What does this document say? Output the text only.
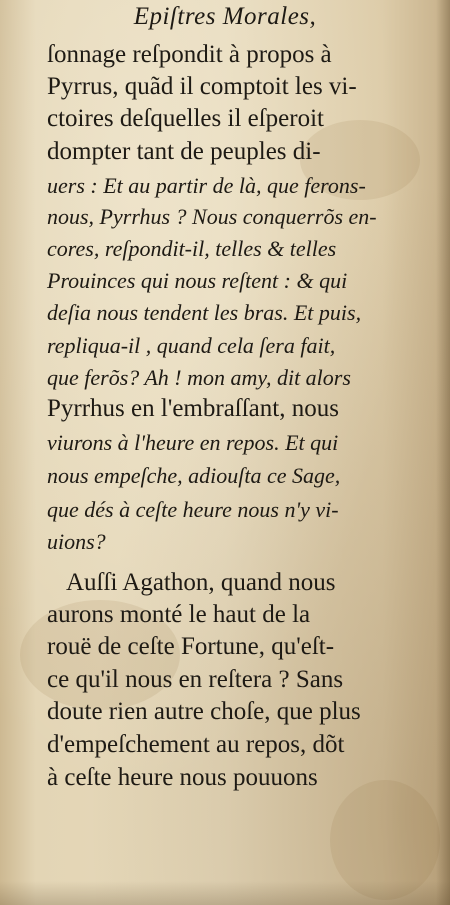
Epiſtres Morales,
ſonnage reſpondit à propos à
Pyrrus, quãd il comptoit les vi-
ctoires deſquelles il eſperoit
dompter tant de peuples di-
uers : Et au partir de là, que ferons-
nous, Pyrrhus ? Nous conquerrõs en-
cores, reſpondit-il, telles & telles
Prouinces qui nous reſtent : & qui
deſia nous tendent les bras. Et puis,
repliqua-il , quand cela ſera fait,
que ferõs? Ah ! mon amy, dit alors
Pyrrhus en l'embraſſant, nous
viurons à l'heure en repos. Et qui
nous empeſche, adiouſta ce Sage,
que dés à ceſte heure nous n'y vi-
uions?
Auſſi Agathon, quand nous
aurons monté le haut de la
rouë de ceſte Fortune, qu'eſt-
ce qu'il nous en reſtera ? Sans
doute rien autre choſe, que plus
d'empeſchement au repos, dõt
à ceſte heure nous pouuons
